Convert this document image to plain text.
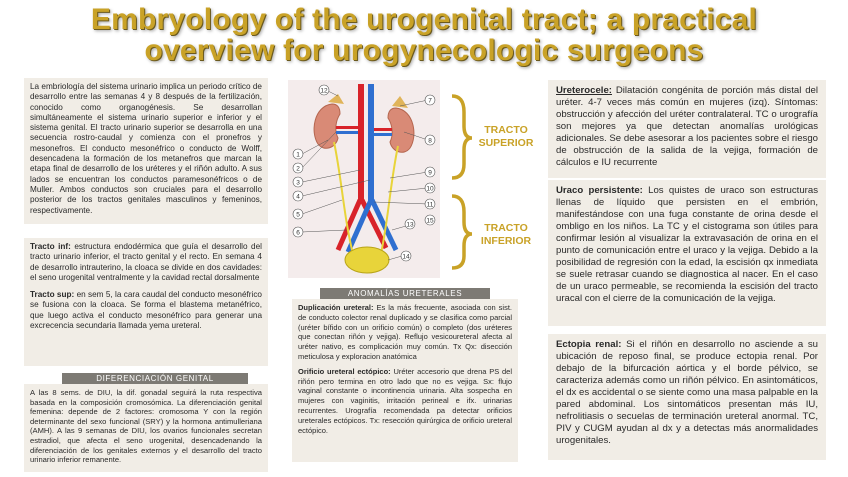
Embryology of the urogenital tract; a practical
overview for urogynecologic surgeons
La embriología del sistema urinario implica un periodo crítico de desarrollo entre las semanas 4 y 8 después de la fertilización, conocido como organogénesis. Se desarrollan simultáneamente el sistema urinario superior e inferior y el sistema genital. El tracto urinario superior se desarrolla en una secuencia rostro-caudal y comienza con el pronefros y mesonefros. El conducto mesonéfrico o conducto de Wolff, desencadena la formación de los metanefros que marcan la etapa final de desarrollo de los uréteres y el riñón adulto. A sus lados se encuentran los conductos paramesonéfricos o de Muller. Ambos conductos son cruciales para el desarrollo posterior de los tractos genitales masculinos y femeninos, respectivamente.

Tracto inf: estructura endodérmica que guía el desarrollo del tracto urinario inferior, el tracto genital y el recto. En semana 4 de desarrollo intrauterino, la cloaca se divide en dos cavidades: el seno urogenital ventralmente y la cavidad rectal dorsalmente

Tracto sup: en sem 5, la cara caudal del conducto mesonéfrico se fusiona con la cloaca. Se forma el blastema metanéfrico, que luego activa el conducto mesonéfrico para generar una excrecencia secundaria llamada yema ureteral.

DIFERENCIACIÓN GENITAL
A las 8 sems. de DIU, la dif. gonadal seguirá la ruta respectiva basada en la composición cromosómica. La diferenciación genital femenina: depende de 2 factores: cromosoma Y con la región determinante del sexo funcional (SRY) y la hormona antimulleriana (AMH). A las 9 semanas de DIU, los ovarios funcionales secretan estradiol, que afecta el seno urogenital, desencadenando la diferenciación de los genitales externos y el desarrollo del tracto urinario inferior remanente.
1
2
3
4
5
6
7
8
9
10
11
12
13
14
15
TRACTO
SUPERIOR
TRACTO
INFERIOR
ANOMALÍAS URETERALES

Duplicación ureteral: Es la más frecuente, asociada con sist. de conducto colector renal duplicado y se clasifica como parcial (uréter bífido con un orificio común) o completo (dos uréteres que conectan riñón y vejiga). Reflujo vesicoureteral afecta al uréter nativo, es complicación muy común. Tx Qx: disección meticulosa y exploracion anatómica

Orificio ureteral ectópico: Uréter accesorio que drena PS del riñón pero termina en otro lado que no es vejiga. Sx: flujo vaginal constante o incontinencia urinaria. Alta sospecha en mujeres con vaginitis, irritación perineal e ifx. urinarias recurrentes. Urografía recomendada pa detectar orificios ureterales ectópicos. Tx: resección quirúrgica de orificio ureteral ectópico.

Ureterocele: Dilatación congénita de porción más distal del uréter. 4-7 veces más común en mujeres (izq). Síntomas: obstrucción y afección del uréter contralateral. TC o urografía son mejores ya que detectan anomalías urológicas adicionales. Se debe asesorar a los pacientes sobre el riesgo de obstrucción de la salida de la vejiga, formación de cálculos e IU recurrente
Uraco persistente: Los quistes de uraco son estructuras llenas de líquido que persisten en el embrión, manifestándose con una fuga constante de orina desde el ombligo en los niños. La TC y el cistograma son útiles para confirmar lesión al visualizar la extravasación de orina en el punto de comunicación entre el uraco y la vejiga. Debido a la posibilidad de regresión con la edad, la escisión qx inmediata se suele retrasar cuando se diagnostica al nacer. En el caso de un uraco permeable, se recomienda la escisión del tracto uracal con el cierre de la comunicación de la vejiga.
Ectopia renal: Si el riñón en desarrollo no asciende a su ubicación de reposo final, se produce ectopia renal. Por debajo de la bifurcación aórtica y el borde pélvico, se caracteriza además como un riñón pélvico. En asintomáticos, el dx es accidental o se siente como una masa palpable en la pared abdominal. Los sintomáticos presentan más IU, nefrolitiasis o secuelas de terminación ureteral anormal. TC, PIV y CUGM ayudan al dx y a detectas más anormalidades urogenitales.
